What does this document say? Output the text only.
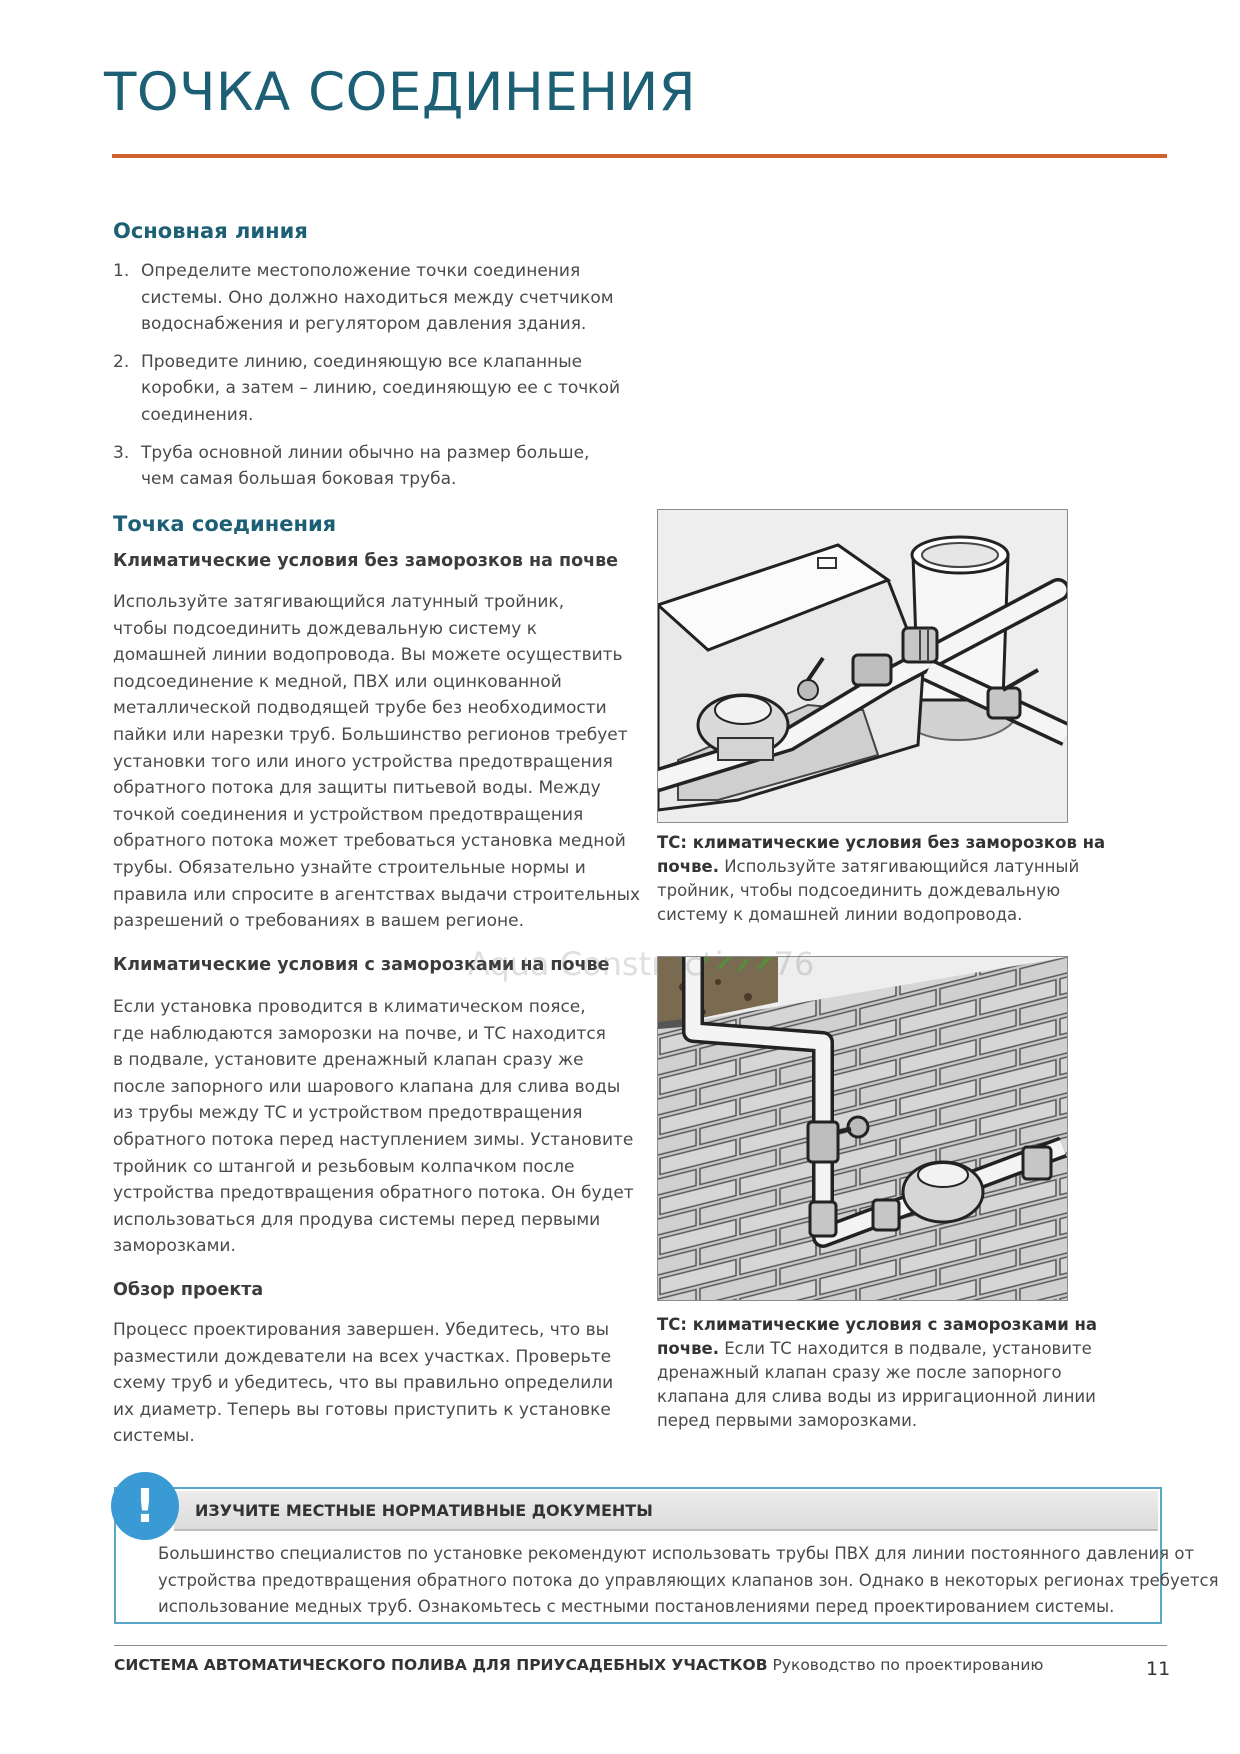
ТОЧКА СОЕДИНЕНИЯ
Основная линия
1. Определите местоположение точки соединения
системы. Оно должно находиться между счетчиком
водоснабжения и регулятором давления здания.
2. Проведите линию, соединяющую все клапанные
коробки, а затем – линию, соединяющую ее с точкой
соединения.
3. Труба основной линии обычно на размер больше,
чем самая большая боковая труба.
Точка соединения
Климатические условия без заморозков на почве
Используйте затягивающийся латунный тройник,
чтобы подсоединить дождевальную систему к
домашней линии водопровода. Вы можете осуществить
подсоединение к медной, ПВХ или оцинкованной
металлической подводящей трубе без необходимости
пайки или нарезки труб. Большинство регионов требует
установки того или иного устройства предотвращения
обратного потока для защиты питьевой воды. Между
точкой соединения и устройством предотвращения
обратного потока может требоваться установка медной
трубы. Обязательно узнайте строительные нормы и
правила или спросите в агентствах выдачи строительных
разрешений о требованиях в вашем регионе.
Климатические условия с заморозками на почве
Если установка проводится в климатическом поясе,
где наблюдаются заморозки на почве, и ТС находится
в подвале, установите дренажный клапан сразу же
после запорного или шарового клапана для слива воды
из трубы между ТС и устройством предотвращения
обратного потока перед наступлением зимы. Установите
тройник со штангой и резьбовым колпачком после
устройства предотвращения обратного потока. Он будет
использоваться для продува системы перед первыми
заморозками.
Обзор проекта
Процесс проектирования завершен. Убедитесь, что вы
разместили дождеватели на всех участках. Проверьте
схему труб и убедитесь, что вы правильно определили
их диаметр. Теперь вы готовы приступить к установке
системы.
ТС: климатические условия без заморозков на
почве. Используйте затягивающийся латунный
тройник, чтобы подсоединить дождевальную
систему к домашней линии водопровода.
ТС: климатические условия с заморозками на
почве. Если ТС находится в подвале, установите
дренажный клапан сразу же после запорного
клапана для слива воды из ирригационной линии
перед первыми заморозками.
!	ИЗУЧИТЕ МЕСТНЫЕ НОРМАТИВНЫЕ ДОКУМЕНТЫ
Большинство специалистов по установке рекомендуют использовать трубы ПВХ для линии постоянного давления от
устройства предотвращения обратного потока до управляющих клапанов зон. Однако в некоторых регионах требуется
использование медных труб. Ознакомьтесь с местными постановлениями перед проектированием системы.
Aqua Construction 76
СИСТЕМА АВТОМАТИЧЕСКОГО ПОЛИВА ДЛЯ ПРИУСАДЕБНЫХ УЧАСТКОВ Руководство по проектированию	11
